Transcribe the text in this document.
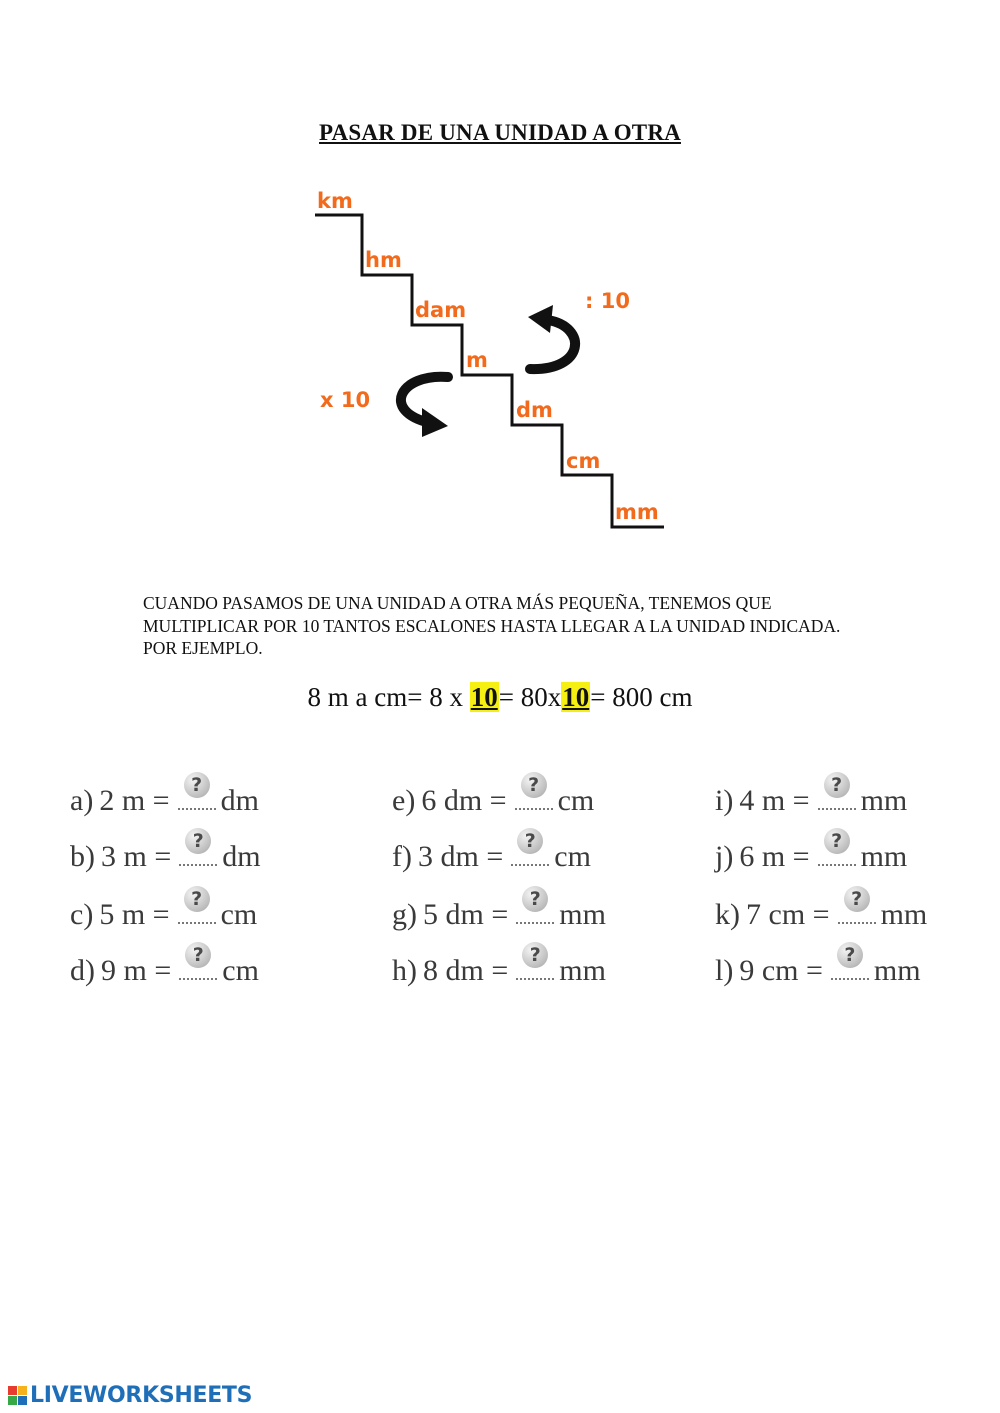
PASAR DE UNA UNIDAD A OTRA
km
hm
dam
m
dm
cm
mm
x 10
: 10
CUANDO PASAMOS DE UNA UNIDAD A OTRA MÁS PEQUEÑA, TENEMOS QUE MULTIPLICAR POR 10 TANTOS ESCALONES HASTA LLEGAR A LA UNIDAD INDICADA. POR EJEMPLO.
8 m a cm= 8 x 10= 80x10= 800 cm
a) 2 m =	? dm
b) 3 m =	? dm
c) 5 m =	? cm
d) 9 m =	? cm
e) 6 dm =	? cm
f) 3 dm =	? cm
g) 5 dm =	? mm
h) 8 dm =	? mm
i) 4 m =	? mm
j) 6 m =	? mm
k) 7 cm =	? mm
l) 9 cm =	? mm
LIVEWORKSHEETS
